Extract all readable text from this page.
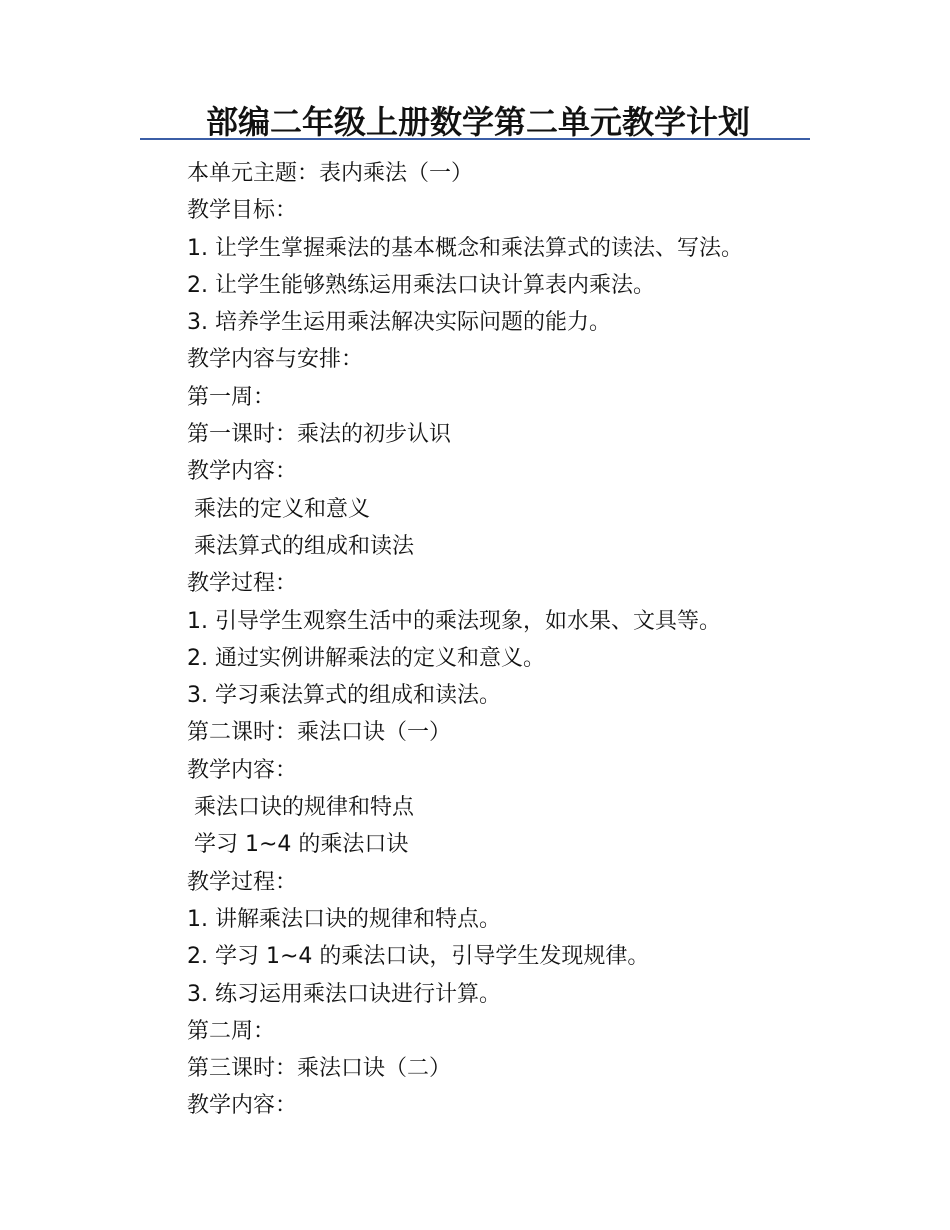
部编二年级上册数学第二单元教学计划
本单元主题：表内乘法（一）
教学目标：
1. 让学生掌握乘法的基本概念和乘法算式的读法、写法。
2. 让学生能够熟练运用乘法口诀计算表内乘法。
3. 培养学生运用乘法解决实际问题的能力。
教学内容与安排：
第一周：
第一课时：乘法的初步认识
教学内容：
乘法的定义和意义
乘法算式的组成和读法
教学过程：
1. 引导学生观察生活中的乘法现象，如水果、文具等。
2. 通过实例讲解乘法的定义和意义。
3. 学习乘法算式的组成和读法。
第二课时：乘法口诀（一）
教学内容：
乘法口诀的规律和特点
学习 1~4 的乘法口诀
教学过程：
1. 讲解乘法口诀的规律和特点。
2. 学习 1~4 的乘法口诀，引导学生发现规律。
3. 练习运用乘法口诀进行计算。
第二周：
第三课时：乘法口诀（二）
教学内容：
